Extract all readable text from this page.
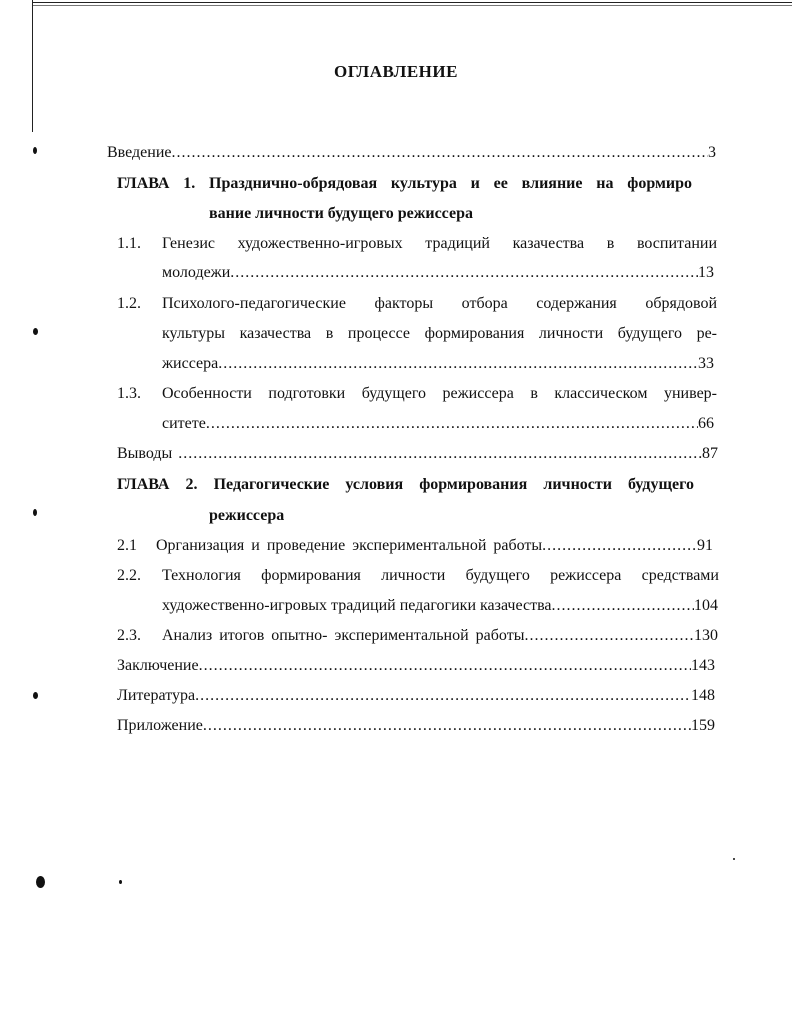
ОГЛАВЛЕНИЕ
Введение .....	3
ГЛАВА 1. Празднично-обрядовая культура и ее влияние на формиро
вание личности будущего режиссера
1.1. Генезис художественно-игровых традиций казачества в воспитании
молодежи .....	13
1.2. Психолого-педагогические факторы отбора содержания обрядовой
культуры казачества в процессе формирования личности будущего ре-
жиссера .....	33
1.3. Особенности подготовки будущего режиссера в классическом универ-
ситете .....	66
Выводы .....	87
ГЛАВА 2. Педагогические условия формирования личности будущего
режиссера
2.1 Организация и проведение экспериментальной работы .....	91
2.2. Технология формирования личности будущего режиссера средствами
художественно-игровых традиций педагогики казачества .....	104
2.3. Анализ итогов опытно- экспериментальной работы .....	130
Заключение .....	143
Литература .....	148
Приложение .....	159
